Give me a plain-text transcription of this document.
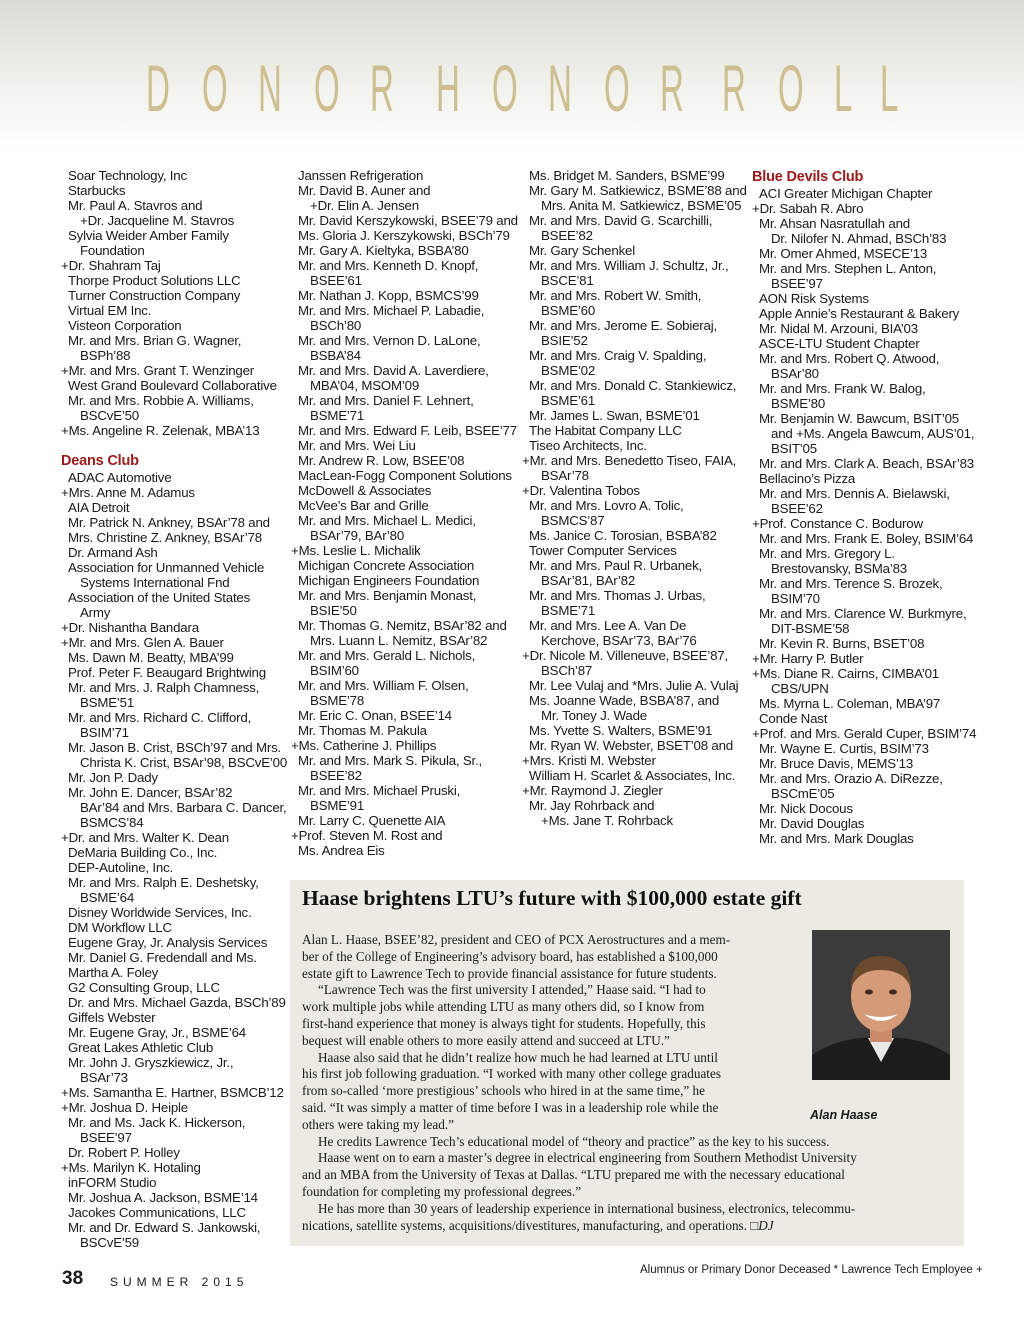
D O N O R H O N O R R O L L
Soar Technology, Inc
Starbucks
Mr. Paul A. Stavros and
+Dr. Jacqueline M. Stavros
Sylvia Weider Amber Family
Foundation
+Dr. Shahram Taj
Thorpe Product Solutions LLC
Turner Construction Company
Virtual EM Inc.
Visteon Corporation
Mr. and Mrs. Brian G. Wagner,
BSPh’88
+Mr. and Mrs. Grant T. Wenzinger
West Grand Boulevard Collaborative
Mr. and Mrs. Robbie A. Williams,
BSCvE’50
+Ms. Angeline R. Zelenak, MBA’13
Deans Club
ADAC Automotive
+Mrs. Anne M. Adamus
AIA Detroit
Mr. Patrick N. Ankney, BSAr’78 and
Mrs. Christine Z. Ankney, BSAr’78
Dr. Armand Ash
Association for Unmanned Vehicle
Systems International Fnd
Association of the United States
Army
+Dr. Nishantha Bandara
+Mr. and Mrs. Glen A. Bauer
Ms. Dawn M. Beatty, MBA’99
Prof. Peter F. Beaugard Brightwing
Mr. and Mrs. J. Ralph Chamness,
BSME’51
Mr. and Mrs. Richard C. Clifford,
BSIM’71
Mr. Jason B. Crist, BSCh’97 and Mrs.
Christa K. Crist, BSAr’98, BSCvE’00
Mr. Jon P. Dady
Mr. John E. Dancer, BSAr’82
BAr’84 and Mrs. Barbara C. Dancer,
BSMCS’84
+Dr. and Mrs. Walter K. Dean
DeMaria Building Co., Inc.
DEP-Autoline, Inc.
Mr. and Mrs. Ralph E. Deshetsky,
BSME’64
Disney Worldwide Services, Inc.
DM Workflow LLC
Eugene Gray, Jr. Analysis Services
Mr. Daniel G. Fredendall and Ms.
Martha A. Foley
G2 Consulting Group, LLC
Dr. and Mrs. Michael Gazda, BSCh’89
Giffels Webster
Mr. Eugene Gray, Jr., BSME’64
Great Lakes Athletic Club
Mr. John J. Gryszkiewicz, Jr.,
BSAr’73
+Ms. Samantha E. Hartner, BSMCB’12
+Mr. Joshua D. Heiple
Mr. and Ms. Jack K. Hickerson,
BSEE’97
Dr. Robert P. Holley
+Ms. Marilyn K. Hotaling
inFORM Studio
Mr. Joshua A. Jackson, BSME’14
Jacokes Communications, LLC
Mr. and Dr. Edward S. Jankowski,
BSCvE’59
Janssen Refrigeration
Mr. David B. Auner and
+Dr. Elin A. Jensen
Mr. David Kerszykowski, BSEE’79 and
Ms. Gloria J. Kerszykowski, BSCh’79
Mr. Gary A. Kieltyka, BSBA’80
Mr. and Mrs. Kenneth D. Knopf,
BSEE’61
Mr. Nathan J. Kopp, BSMCS’99
Mr. and Mrs. Michael P. Labadie,
BSCh’80
Mr. and Mrs. Vernon D. LaLone,
BSBA’84
Mr. and Mrs. David A. Laverdiere,
MBA’04, MSOM’09
Mr. and Mrs. Daniel F. Lehnert,
BSME’71
Mr. and Mrs. Edward F. Leib, BSEE’77
Mr. and Mrs. Wei Liu
Mr. Andrew R. Low, BSEE’08
MacLean-Fogg Component Solutions
McDowell & Associates
McVee’s Bar and Grille
Mr. and Mrs. Michael L. Medici,
BSAr’79, BAr’80
+Ms. Leslie L. Michalik
Michigan Concrete Association
Michigan Engineers Foundation
Mr. and Mrs. Benjamin Monast,
BSIE’50
Mr. Thomas G. Nemitz, BSAr’82 and
Mrs. Luann L. Nemitz, BSAr’82
Mr. and Mrs. Gerald L. Nichols,
BSIM’60
Mr. and Mrs. William F. Olsen,
BSME’78
Mr. Eric C. Onan, BSEE’14
Mr. Thomas M. Pakula
+Ms. Catherine J. Phillips
Mr. and Mrs. Mark S. Pikula, Sr.,
BSEE’82
Mr. and Mrs. Michael Pruski,
BSME’91
Mr. Larry C. Quenette AIA
+Prof. Steven M. Rost and
Ms. Andrea Eis
Ms. Bridget M. Sanders, BSME’99
Mr. Gary M. Satkiewicz, BSME’88 and
Mrs. Anita M. Satkiewicz, BSME’05
Mr. and Mrs. David G. Scarchilli,
BSEE’82
Mr. Gary Schenkel
Mr. and Mrs. William J. Schultz, Jr.,
BSCE’81
Mr. and Mrs. Robert W. Smith,
BSME’60
Mr. and Mrs. Jerome E. Sobieraj,
BSIE’52
Mr. and Mrs. Craig V. Spalding,
BSME’02
Mr. and Mrs. Donald C. Stankiewicz,
BSME’61
Mr. James L. Swan, BSME’01
The Habitat Company LLC
Tiseo Architects, Inc.
+Mr. and Mrs. Benedetto Tiseo, FAIA,
BSAr’78
+Dr. Valentina Tobos
Mr. and Mrs. Lovro A. Tolic,
BSMCS’87
Ms. Janice C. Torosian, BSBA’82
Tower Computer Services
Mr. and Mrs. Paul R. Urbanek,
BSAr’81, BAr’82
Mr. and Mrs. Thomas J. Urbas,
BSME’71
Mr. and Mrs. Lee A. Van De
Kerchove, BSAr’73, BAr’76
+Dr. Nicole M. Villeneuve, BSEE’87,
BSCh’87
Mr. Lee Vulaj and *Mrs. Julie A. Vulaj
Ms. Joanne Wade, BSBA’87, and
Mr. Toney J. Wade
Ms. Yvette S. Walters, BSME’91
Mr. Ryan W. Webster, BSET’08 and
+Mrs. Kristi M. Webster
William H. Scarlet & Associates, Inc.
+Mr. Raymond J. Ziegler
Mr. Jay Rohrback and
+Ms. Jane T. Rohrback
Blue Devils Club
ACI Greater Michigan Chapter
+Dr. Sabah R. Abro
Mr. Ahsan Nasratullah and
Dr. Nilofer N. Ahmad, BSCh’83
Mr. Omer Ahmed, MSECE’13
Mr. and Mrs. Stephen L. Anton,
BSEE’97
AON Risk Systems
Apple Annie’s Restaurant & Bakery
Mr. Nidal M. Arzouni, BIA’03
ASCE-LTU Student Chapter
Mr. and Mrs. Robert Q. Atwood,
BSAr’80
Mr. and Mrs. Frank W. Balog,
BSME’80
Mr. Benjamin W. Bawcum, BSIT’05
and +Ms. Angela Bawcum, AUS’01,
BSIT’05
Mr. and Mrs. Clark A. Beach, BSAr’83
Bellacino’s Pizza
Mr. and Mrs. Dennis A. Bielawski,
BSEE’62
+Prof. Constance C. Bodurow
Mr. and Mrs. Frank E. Boley, BSIM’64
Mr. and Mrs. Gregory L.
Brestovansky, BSMa’83
Mr. and Mrs. Terence S. Brozek,
BSIM’70
Mr. and Mrs. Clarence W. Burkmyre,
DIT-BSME’58
Mr. Kevin R. Burns, BSET’08
+Mr. Harry P. Butler
+Ms. Diane R. Cairns, CIMBA’01
CBS/UPN
Ms. Myrna L. Coleman, MBA’97
Conde Nast
+Prof. and Mrs. Gerald Cuper, BSIM’74
Mr. Wayne E. Curtis, BSIM’73
Mr. Bruce Davis, MEMS’13
Mr. and Mrs. Orazio A. DiRezze,
BSCmE’05
Mr. Nick Docous
Mr. David Douglas
Mr. and Mrs. Mark Douglas
Haase brightens LTU’s future with $100,000 estate gift
Alan Haase
Alan L. Haase, BSEE’82, president and CEO of PCX Aerostructures and a mem-
ber of the College of Engineering’s advisory board, has established a $100,000
estate gift to Lawrence Tech to provide financial assistance for future students.
“Lawrence Tech was the first university I attended,” Haase said. “I had to
work multiple jobs while attending LTU as many others did, so I know from
first-hand experience that money is always tight for students. Hopefully, this
bequest will enable others to more easily attend and succeed at LTU.”
Haase also said that he didn’t realize how much he had learned at LTU until
his first job following graduation. “I worked with many other college graduates
from so-called ‘more prestigious’ schools who hired in at the same time,” he
said. “It was simply a matter of time before I was in a leadership role while the
others were taking my lead.”
He credits Lawrence Tech’s educational model of “theory and practice” as the key to his success.
Haase went on to earn a master’s degree in electrical engineering from Southern Methodist University
and an MBA from the University of Texas at Dallas. “LTU prepared me with the necessary educational
foundation for completing my professional degrees.”
He has more than 30 years of leadership experience in international business, electronics, telecommu-
nications, satellite systems, acquisitions/divestitures, manufacturing, and operations. □DJ
38 SUMMER 2015
Alumnus or Primary Donor Deceased * Lawrence Tech Employee +
